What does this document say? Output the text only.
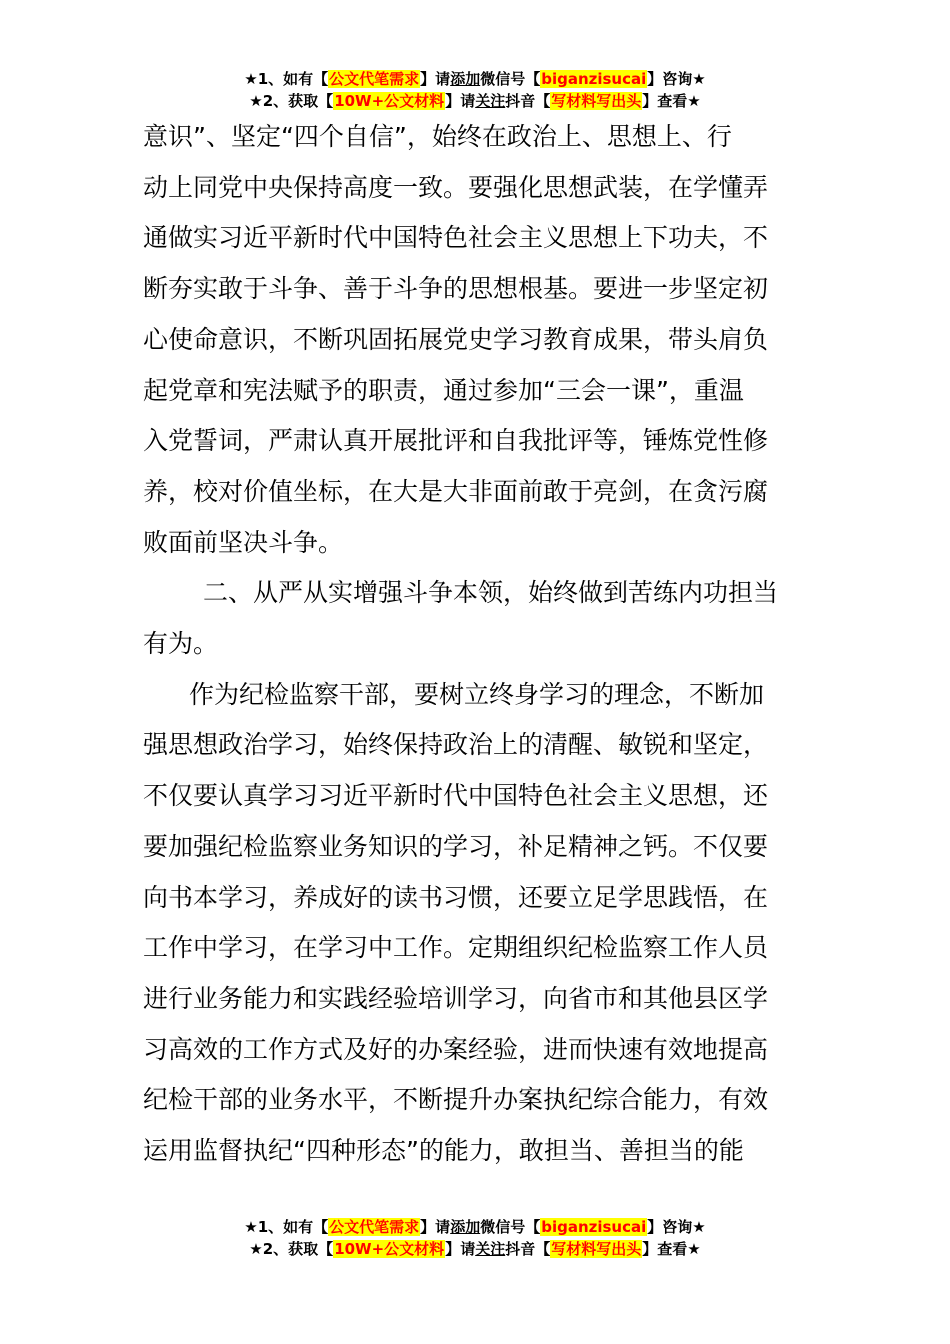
★1、如有【公文代笔需求】请添加微信号【biganzisucai】咨询★
★2、获取【10W+公文材料】请关注抖音【写材料写出头】查看★

意识”、坚定“四个自信”，始终在政治上、思想上、行

动上同党中央保持高度一致。要强化思想武装，在学懂弄

通做实习近平新时代中国特色社会主义思想上下功夫，不

断夯实敢于斗争、善于斗争的思想根基。要进一步坚定初

心使命意识，不断巩固拓展党史学习教育成果，带头肩负

起党章和宪法赋予的职责，通过参加“三会一课”，重温

入党誓词，严肃认真开展批评和自我批评等，锤炼党性修

养，校对价值坐标，在大是大非面前敢于亮剑，在贪污腐

败面前坚决斗争。

二、从严从实增强斗争本领，始终做到苦练内功担当

有为。

作为纪检监察干部，要树立终身学习的理念，不断加

强思想政治学习，始终保持政治上的清醒、敏锐和坚定，

不仅要认真学习习近平新时代中国特色社会主义思想，还

要加强纪检监察业务知识的学习，补足精神之钙。不仅要

向书本学习，养成好的读书习惯，还要立足学思践悟，在

工作中学习，在学习中工作。定期组织纪检监察工作人员

进行业务能力和实践经验培训学习，向省市和其他县区学

习高效的工作方式及好的办案经验，进而快速有效地提高

纪检干部的业务水平，不断提升办案执纪综合能力，有效

运用监督执纪“四种形态”的能力，敢担当、善担当的能

★1、如有【公文代笔需求】请添加微信号【biganzisucai】咨询★
★2、获取【10W+公文材料】请关注抖音【写材料写出头】查看★
